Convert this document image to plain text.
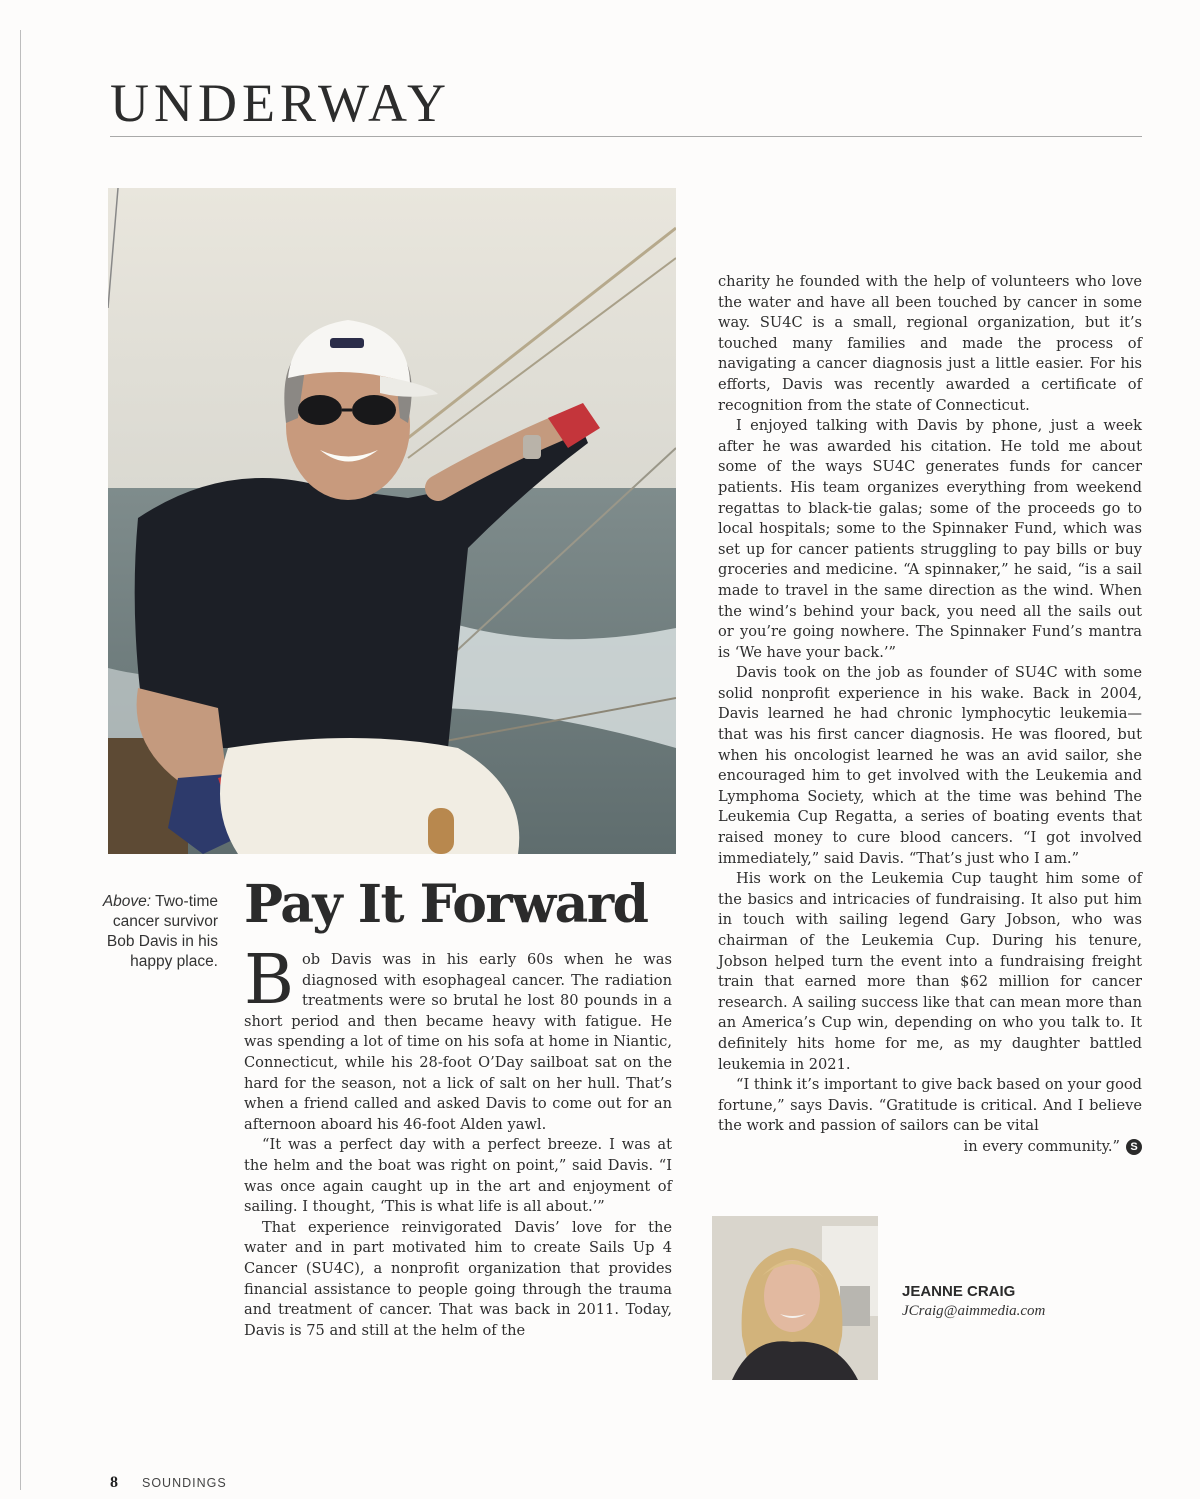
UNDERWAY
Above: Two-time cancer survivor Bob Davis in his happy place.
Pay It Forward

Bob Davis was in his early 60s when he was diagnosed with esophageal cancer. The radiation treatments were so brutal he lost 80 pounds in a short period and then became heavy with fatigue. He was spending a lot of time on his sofa at home in Niantic, Connecticut, while his 28-foot O’Day sailboat sat on the hard for the season, not a lick of salt on her hull. That’s when a friend called and asked Davis to come out for an afternoon aboard his 46-foot Alden yawl.

“It was a perfect day with a perfect breeze. I was at the helm and the boat was right on point,” said Davis. “I was once again caught up in the art and enjoyment of sailing. I thought, ‘This is what life is all about.’”

That experience reinvigorated Davis’ love for the water and in part motivated him to create Sails Up 4 Cancer (SU4C), a nonprofit organization that provides financial assistance to people going through the trauma and treatment of cancer. That was back in 2011. Today, Davis is 75 and still at the helm of the

charity he founded with the help of volunteers who love the water and have all been touched by cancer in some way. SU4C is a small, regional organization, but it’s touched many families and made the process of navigating a cancer diagnosis just a little easier. For his efforts, Davis was recently awarded a certificate of recognition from the state of Connecticut.

I enjoyed talking with Davis by phone, just a week after he was awarded his citation. He told me about some of the ways SU4C generates funds for cancer patients. His team organizes everything from weekend regattas to black-tie galas; some of the proceeds go to local hospitals; some to the Spinnaker Fund, which was set up for cancer patients struggling to pay bills or buy groceries and medicine. “A spinnaker,” he said, “is a sail made to travel in the same direction as the wind. When the wind’s behind your back, you need all the sails out or you’re going nowhere. The Spinnaker Fund’s mantra is ‘We have your back.’”

Davis took on the job as founder of SU4C with some solid nonprofit experience in his wake. Back in 2004, Davis learned he had chronic lymphocytic leukemia—that was his first cancer diagnosis. He was floored, but when his oncologist learned he was an avid sailor, she encouraged him to get involved with the Leukemia and Lymphoma Society, which at the time was behind The Leukemia Cup Regatta, a series of boating events that raised money to cure blood cancers. “I got involved immediately,” said Davis. “That’s just who I am.”

His work on the Leukemia Cup taught him some of the basics and intricacies of fundraising. It also put him in touch with sailing legend Gary Jobson, who was chairman of the Leukemia Cup. During his tenure, Jobson helped turn the event into a fundraising freight train that earned more than $62 million for cancer research. A sailing success like that can mean more than an America’s Cup win, depending on who you talk to. It definitely hits home for me, as my daughter battled leukemia in 2021.

“I think it’s important to give back based on your good fortune,” says Davis. “Gratitude is critical. And I believe the work and passion of sailors can be vital

in every community.” S

JEANNE CRAIG
JCraig@aimmedia.com
8 SOUNDINGS
